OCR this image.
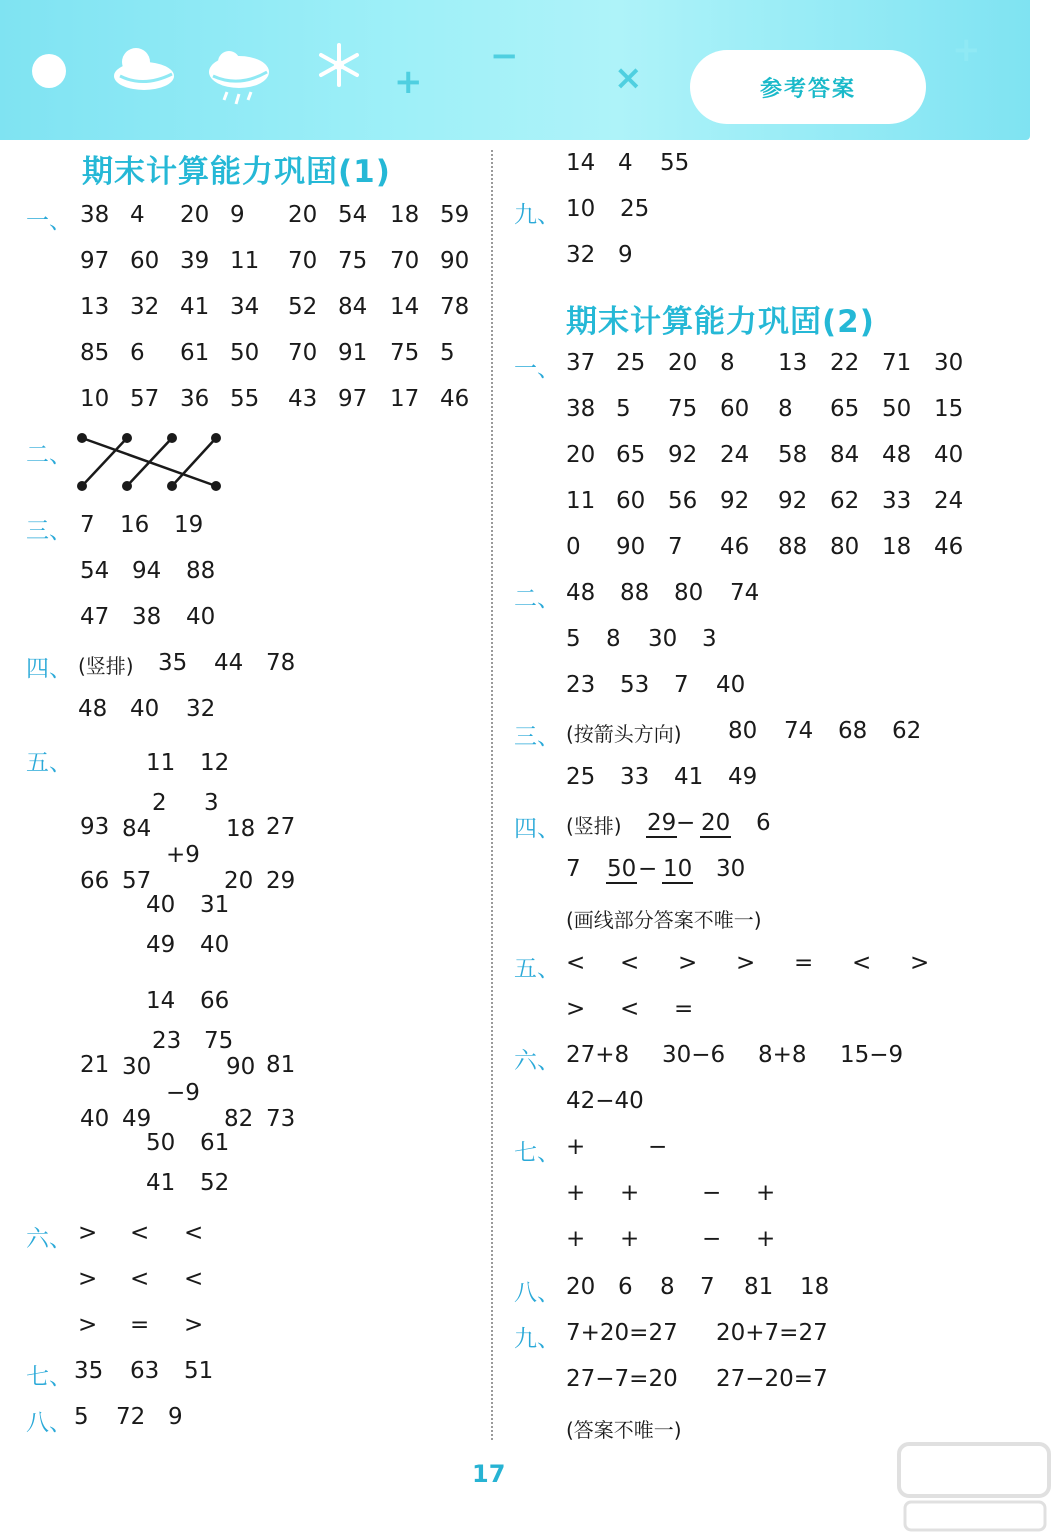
+
−
×
+
参考答案
期末计算能力巩固(1)
一、 38 4 20 9 20 54 18 59
97 60 39 11 70 75 70 90
13 32 41 34 52 84 14 78
85 6 61 50 70 91 75 5
10 57 36 55 43 97 17 46
二、
三、 7 16 19
54 94 88
47 38 40
四、 (竖排) 35 44 78
48 40 32
五、	11 12
2 3
93 84	18 27
+9
66 57	20 29
40 31
49 40
14 66
23 75
21 30	90 81
−9
40 49	82 73
50 61
41 52
六、 > < <
> < <
> = >
七、 35 63 51
八、 5 72 9
14 4 55
九、 10 25
32 9
期末计算能力巩固(2)
一、 37 25 20 8 13 22 71 30
38 5 75 60 8 65 50 15
20 65 92 24 58 84 48 40
11 60 56 92 92 62 33 24
0 90 7 46 88 80 18 46
二、 48 88 80 74
5 8 30 3
23 53 7 40
三、 (按箭头方向) 80 74 68 62
25 33 41 49
四、 (竖排) 29 − 20 6
7 50 − 10 30
(画线部分答案不唯一)
五、 < < > > = < >
> < =
六、 27+8 30−6 8+8 15−9
42−40
七、 +	−
+ +	− +
+ +	− +
八、 20 6 8 7 81 18
九、 7+20=27 20+7=27
27−7=20 27−20=7
(答案不唯一)
17
